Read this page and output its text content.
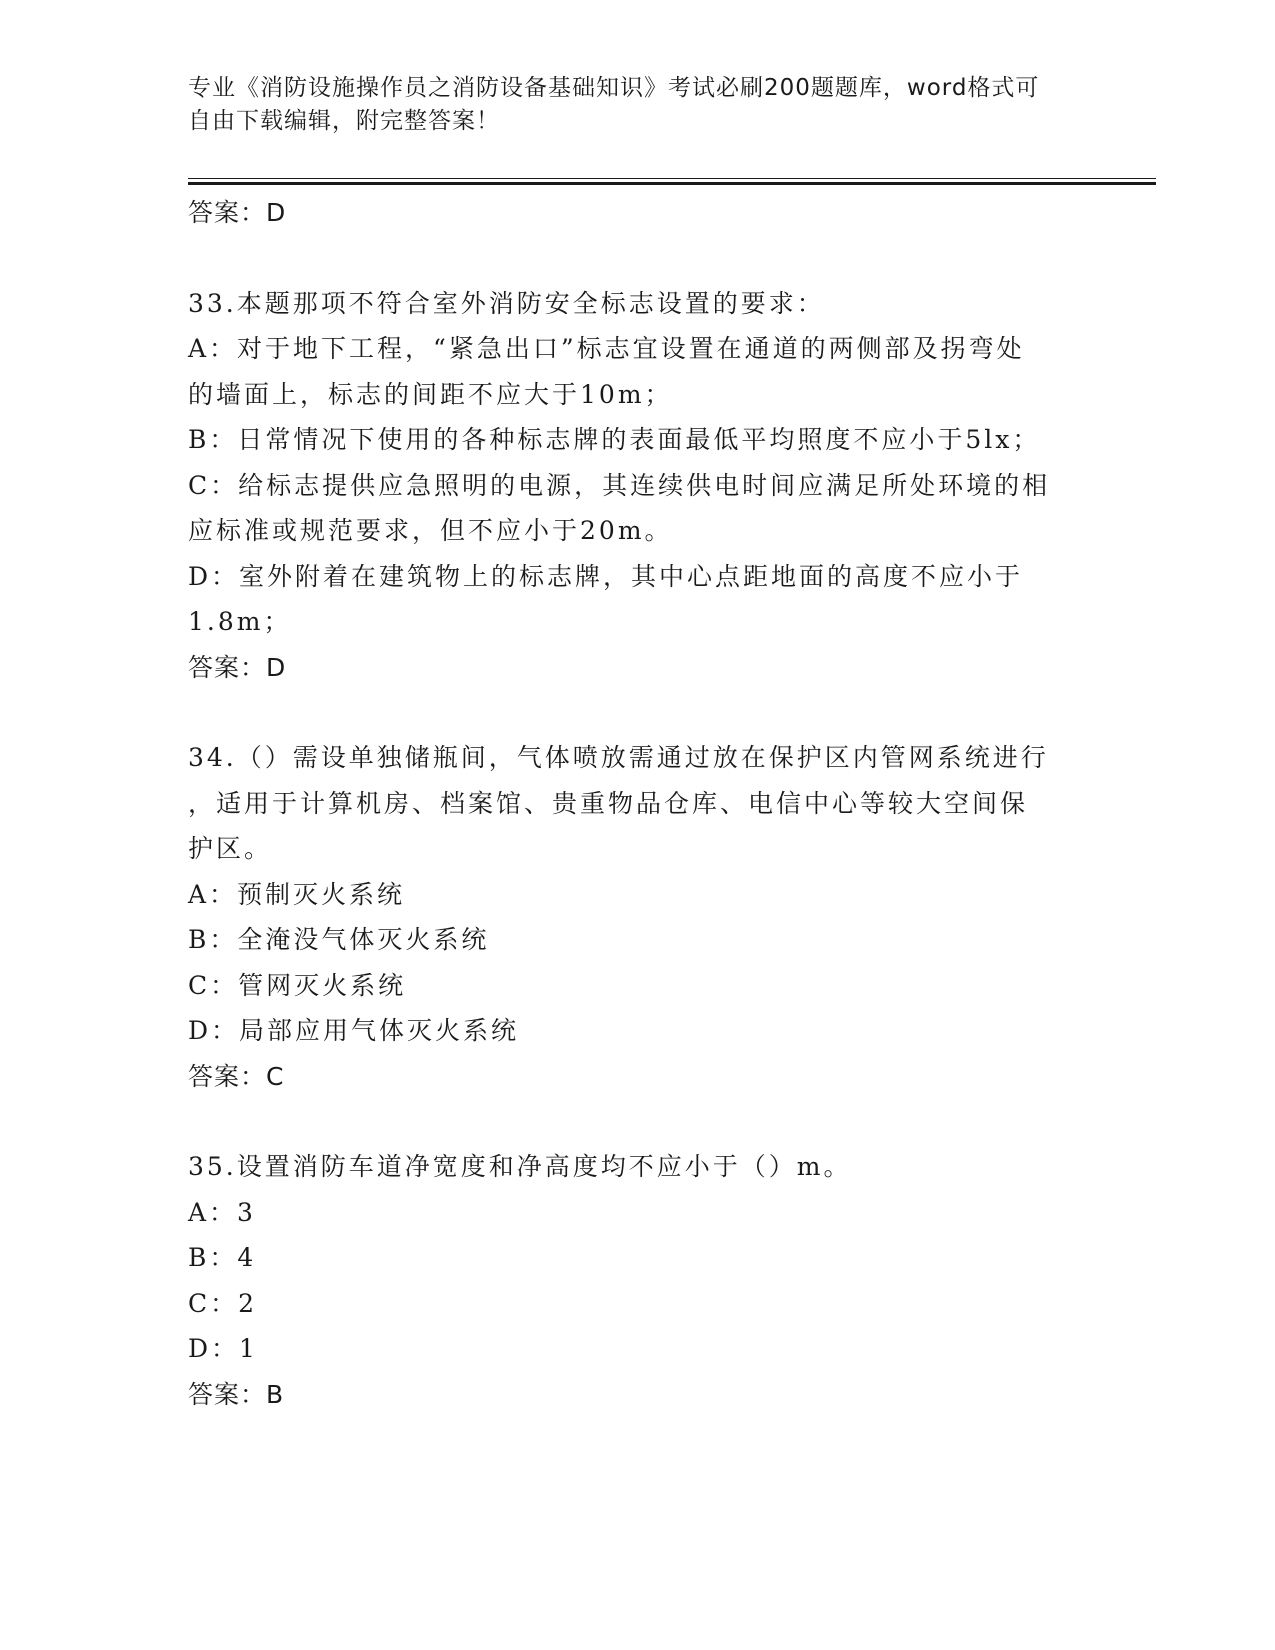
专业《消防设施操作员之消防设备基础知识》考试必刷200题题库，word格式可
自由下载编辑，附完整答案！
答案：D
33.本题那项不符合室外消防安全标志设置的要求：
A：对于地下工程，“紧急出口”标志宜设置在通道的两侧部及拐弯处
的墙面上，标志的间距不应大于10m；
B：日常情况下使用的各种标志牌的表面最低平均照度不应小于5lx；
C：给标志提供应急照明的电源，其连续供电时间应满足所处环境的相
应标准或规范要求，但不应小于20m。
D：室外附着在建筑物上的标志牌，其中心点距地面的高度不应小于
1.8m；
答案：D
34.（）需设单独储瓶间，气体喷放需通过放在保护区内管网系统进行
，适用于计算机房、档案馆、贵重物品仓库、电信中心等较大空间保
护区。
A：预制灭火系统
B：全淹没气体灭火系统
C：管网灭火系统
D：局部应用气体灭火系统
答案：C
35.设置消防车道净宽度和净高度均不应小于（）m。
A：3
B：4
C：2
D：1
答案：B
